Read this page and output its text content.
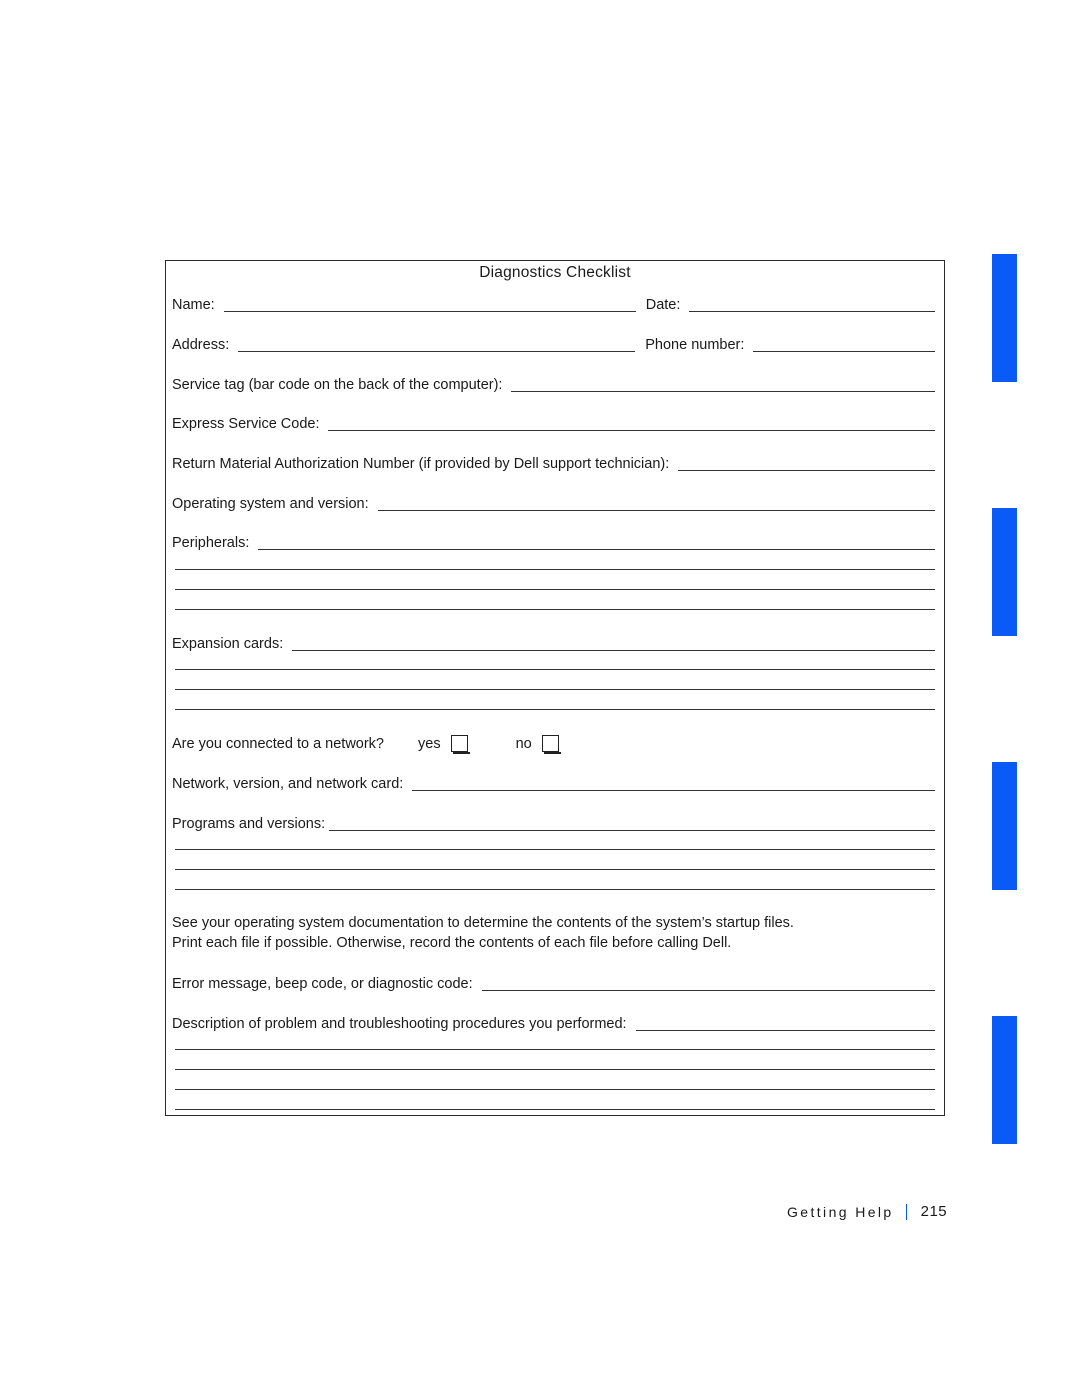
Diagnostics Checklist
Name:	Date:
Address:	Phone number:
Service tag (bar code on the back of the computer):
Express Service Code:
Return Material Authorization Number (if provided by Dell support technician):
Operating system and version:
Peripherals:
Expansion cards:
Are you connected to a network? yes	no
Network, version, and network card:
Programs and versions:
See your operating system documentation to determine the contents of the system’s startup files.
Print each file if possible. Otherwise, record the contents of each file before calling Dell.
Error message, beep code, or diagnostic code:
Description of problem and troubleshooting procedures you performed:
Getting Help 215
